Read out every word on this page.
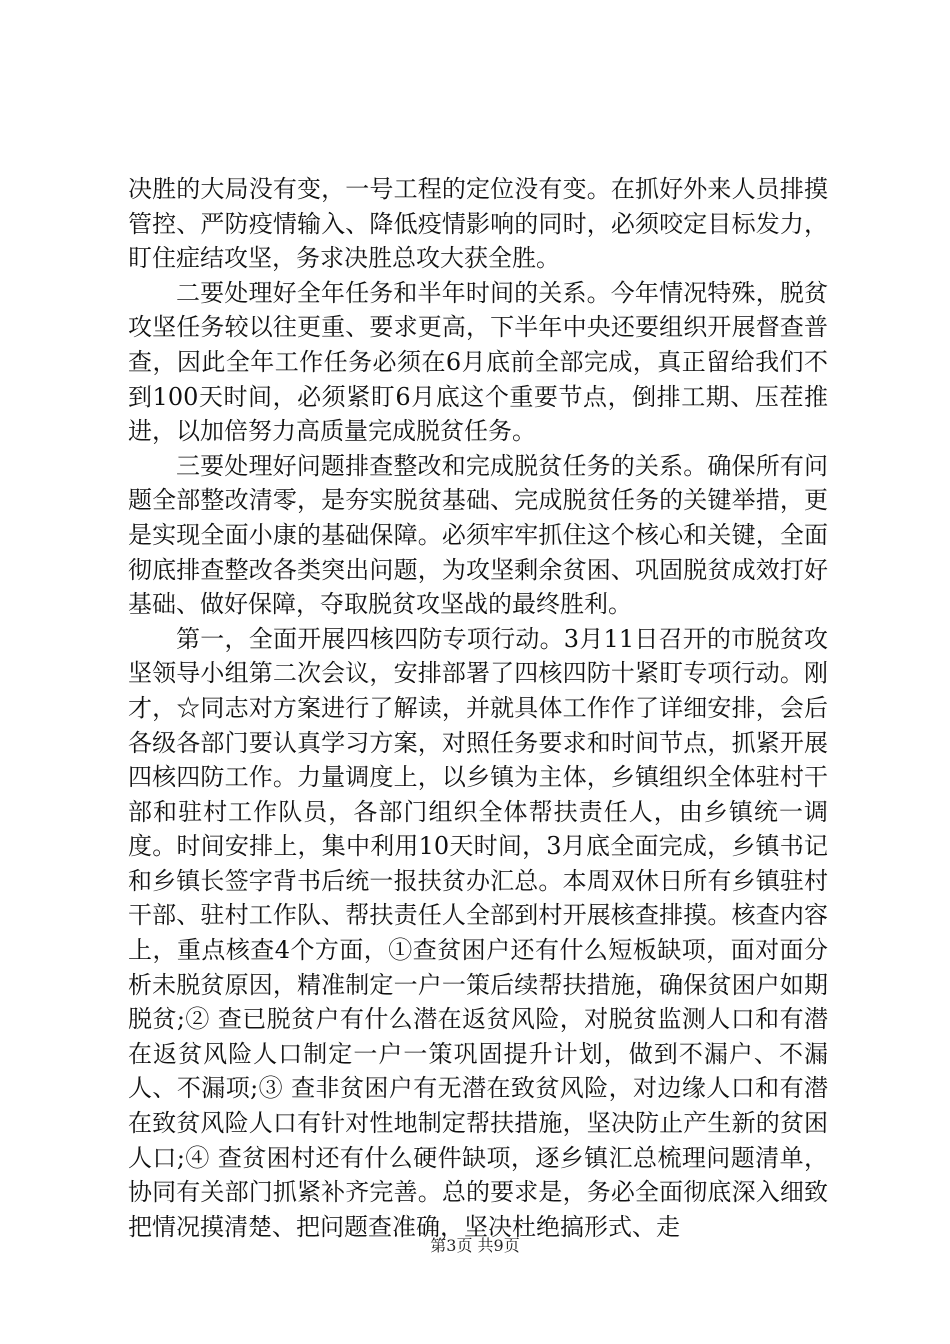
决胜的大局没有变，一号工程的定位没有变。在抓好外来人员排摸管控、严防疫情输入、降低疫情影响的同时，必须咬定目标发力，盯住症结攻坚，务求决胜总攻大获全胜。

二要处理好全年任务和半年时间的关系。今年情况特殊，脱贫攻坚任务较以往更重、要求更高，下半年中央还要组织开展督查普查，因此全年工作任务必须在6月底前全部完成，真正留给我们不到100天时间，必须紧盯6月底这个重要节点，倒排工期、压茬推进，以加倍努力高质量完成脱贫任务。

三要处理好问题排查整改和完成脱贫任务的关系。确保所有问题全部整改清零，是夯实脱贫基础、完成脱贫任务的关键举措，更是实现全面小康的基础保障。必须牢牢抓住这个核心和关键，全面彻底排查整改各类突出问题，为攻坚剩余贫困、巩固脱贫成效打好基础、做好保障，夺取脱贫攻坚战的最终胜利。

第一，全面开展四核四防专项行动。3月11日召开的市脱贫攻坚领导小组第二次会议，安排部署了四核四防十紧盯专项行动。刚才，☆同志对方案进行了解读，并就具体工作作了详细安排，会后各级各部门要认真学习方案，对照任务要求和时间节点，抓紧开展四核四防工作。力量调度上，以乡镇为主体，乡镇组织全体驻村干部和驻村工作队员，各部门组织全体帮扶责任人，由乡镇统一调度。时间安排上，集中利用10天时间，3月底全面完成，乡镇书记和乡镇长签字背书后统一报扶贫办汇总。本周双休日所有乡镇驻村干部、驻村工作队、帮扶责任人全部到村开展核查排摸。核查内容上，重点核查4个方面，①查贫困户还有什么短板缺项，面对面分析未脱贫原因，精准制定一户一策后续帮扶措施，确保贫困户如期脱贫;② 查已脱贫户有什么潜在返贫风险，对脱贫监测人口和有潜在返贫风险人口制定一户一策巩固提升计划，做到不漏户、不漏人、不漏项;③ 查非贫困户有无潜在致贫风险，对边缘人口和有潜在致贫风险人口有针对性地制定帮扶措施，坚决防止产生新的贫困人口;④ 查贫困村还有什么硬件缺项，逐乡镇汇总梳理问题清单，协同有关部门抓紧补齐完善。总的要求是，务必全面彻底深入细致把情况摸清楚、把问题查准确，坚决杜绝搞形式、走

第3页 共9页
